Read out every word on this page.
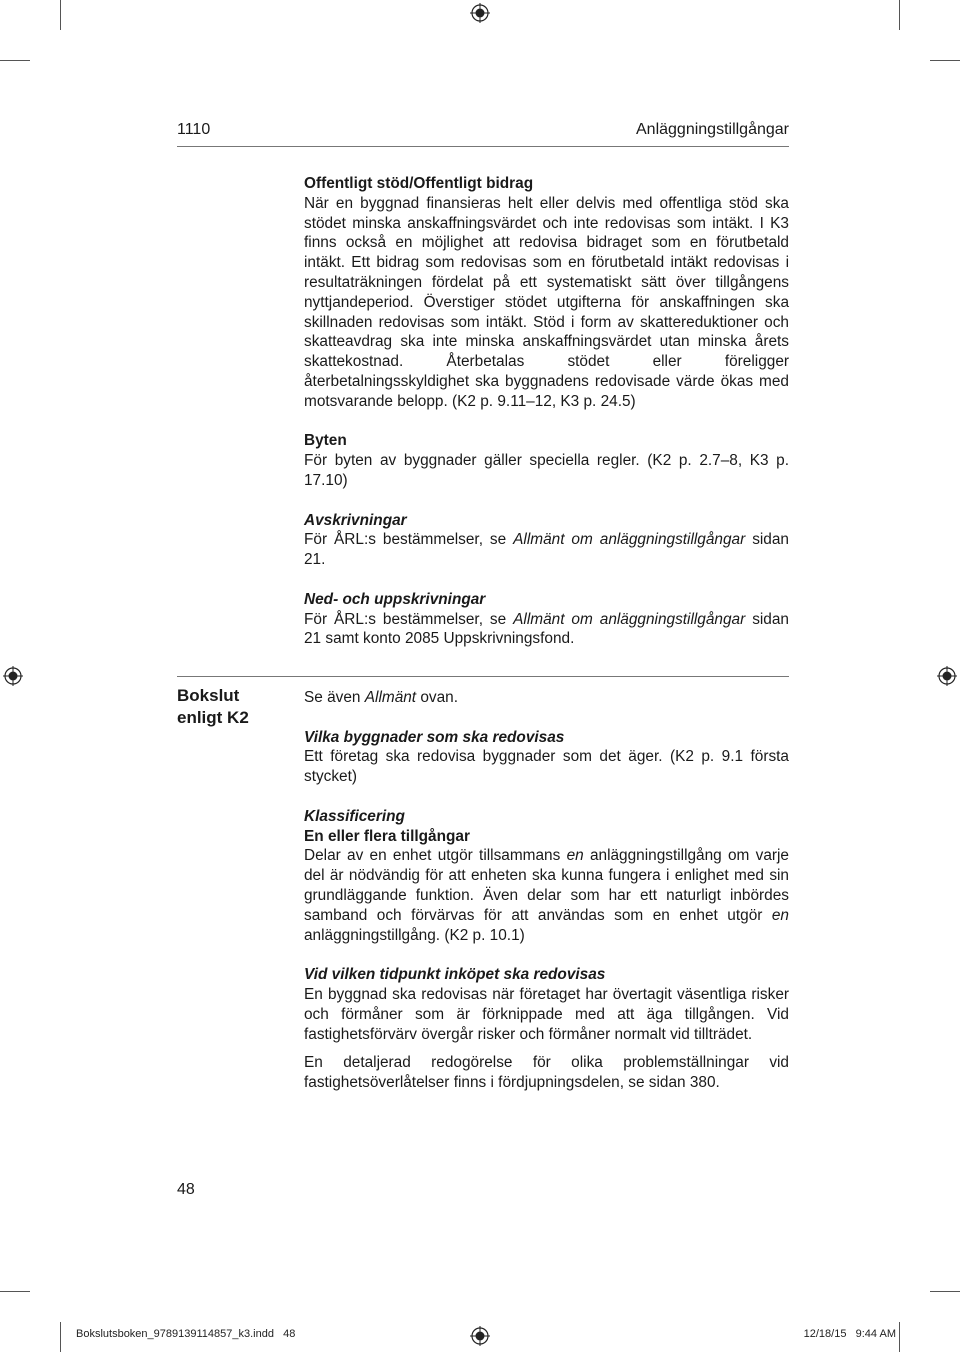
1110	Anläggningstillgångar

Offentligt stöd/Offentligt bidrag

När en byggnad finansieras helt eller delvis med offentliga stöd ska stödet minska anskaffningsvärdet och inte redovisas som intäkt. I K3 finns också en möjlighet att redovisa bidraget som en förutbetald intäkt. Ett bidrag som redovisas som en förutbetald intäkt redovisas i resultaträkningen fördelat på ett systematiskt sätt över tillgångens nyttjandeperiod. Överstiger stödet utgifterna för anskaffningen ska skillnaden redovisas som intäkt. Stöd i form av skattereduktioner och skatteavdrag ska inte minska anskaffningsvärdet utan minska årets skattekostnad. Återbetalas stödet eller föreligger återbetalningsskyldighet ska byggnadens redovisade värde ökas med motsvarande belopp. (K2 p. 9.11–12, K3 p. 24.5)

Byten

För byten av byggnader gäller speciella regler. (K2 p. 2.7–8, K3 p. 17.10)

Avskrivningar

För ÅRL:s bestämmelser, se Allmänt om anläggningstillgångar sidan 21.

Ned- och uppskrivningar

För ÅRL:s bestämmelser, se Allmänt om anläggningstillgångar sidan 21 samt konto 2085 Uppskrivningsfond.

Bokslut
enligt K2

Se även Allmänt ovan.

Vilka byggnader som ska redovisas

Ett företag ska redovisa byggnader som det äger. (K2 p. 9.1 första stycket)

Klassificering

En eller flera tillgångar

Delar av en enhet utgör tillsammans en anläggningstillgång om varje del är nödvändig för att enheten ska kunna fungera i enlighet med sin grundläggande funktion. Även delar som har ett naturligt inbördes samband och förvärvas för att användas som en enhet utgör en anläggningstillgång. (K2 p. 10.1)

Vid vilken tidpunkt inköpet ska redovisas

En byggnad ska redovisas när företaget har övertagit väsentliga risker och förmåner som är förknippade med att äga tillgången. Vid fastighetsförvärv övergår risker och förmåner normalt vid tillträdet.

En detaljerad redogörelse för olika problemställningar vid fastighetsöverlåtelser finns i fördjupningsdelen, se sidan 380.

48
Bokslutsboken_9789139114857_k3.indd   48	12/18/15   9:44 AM
